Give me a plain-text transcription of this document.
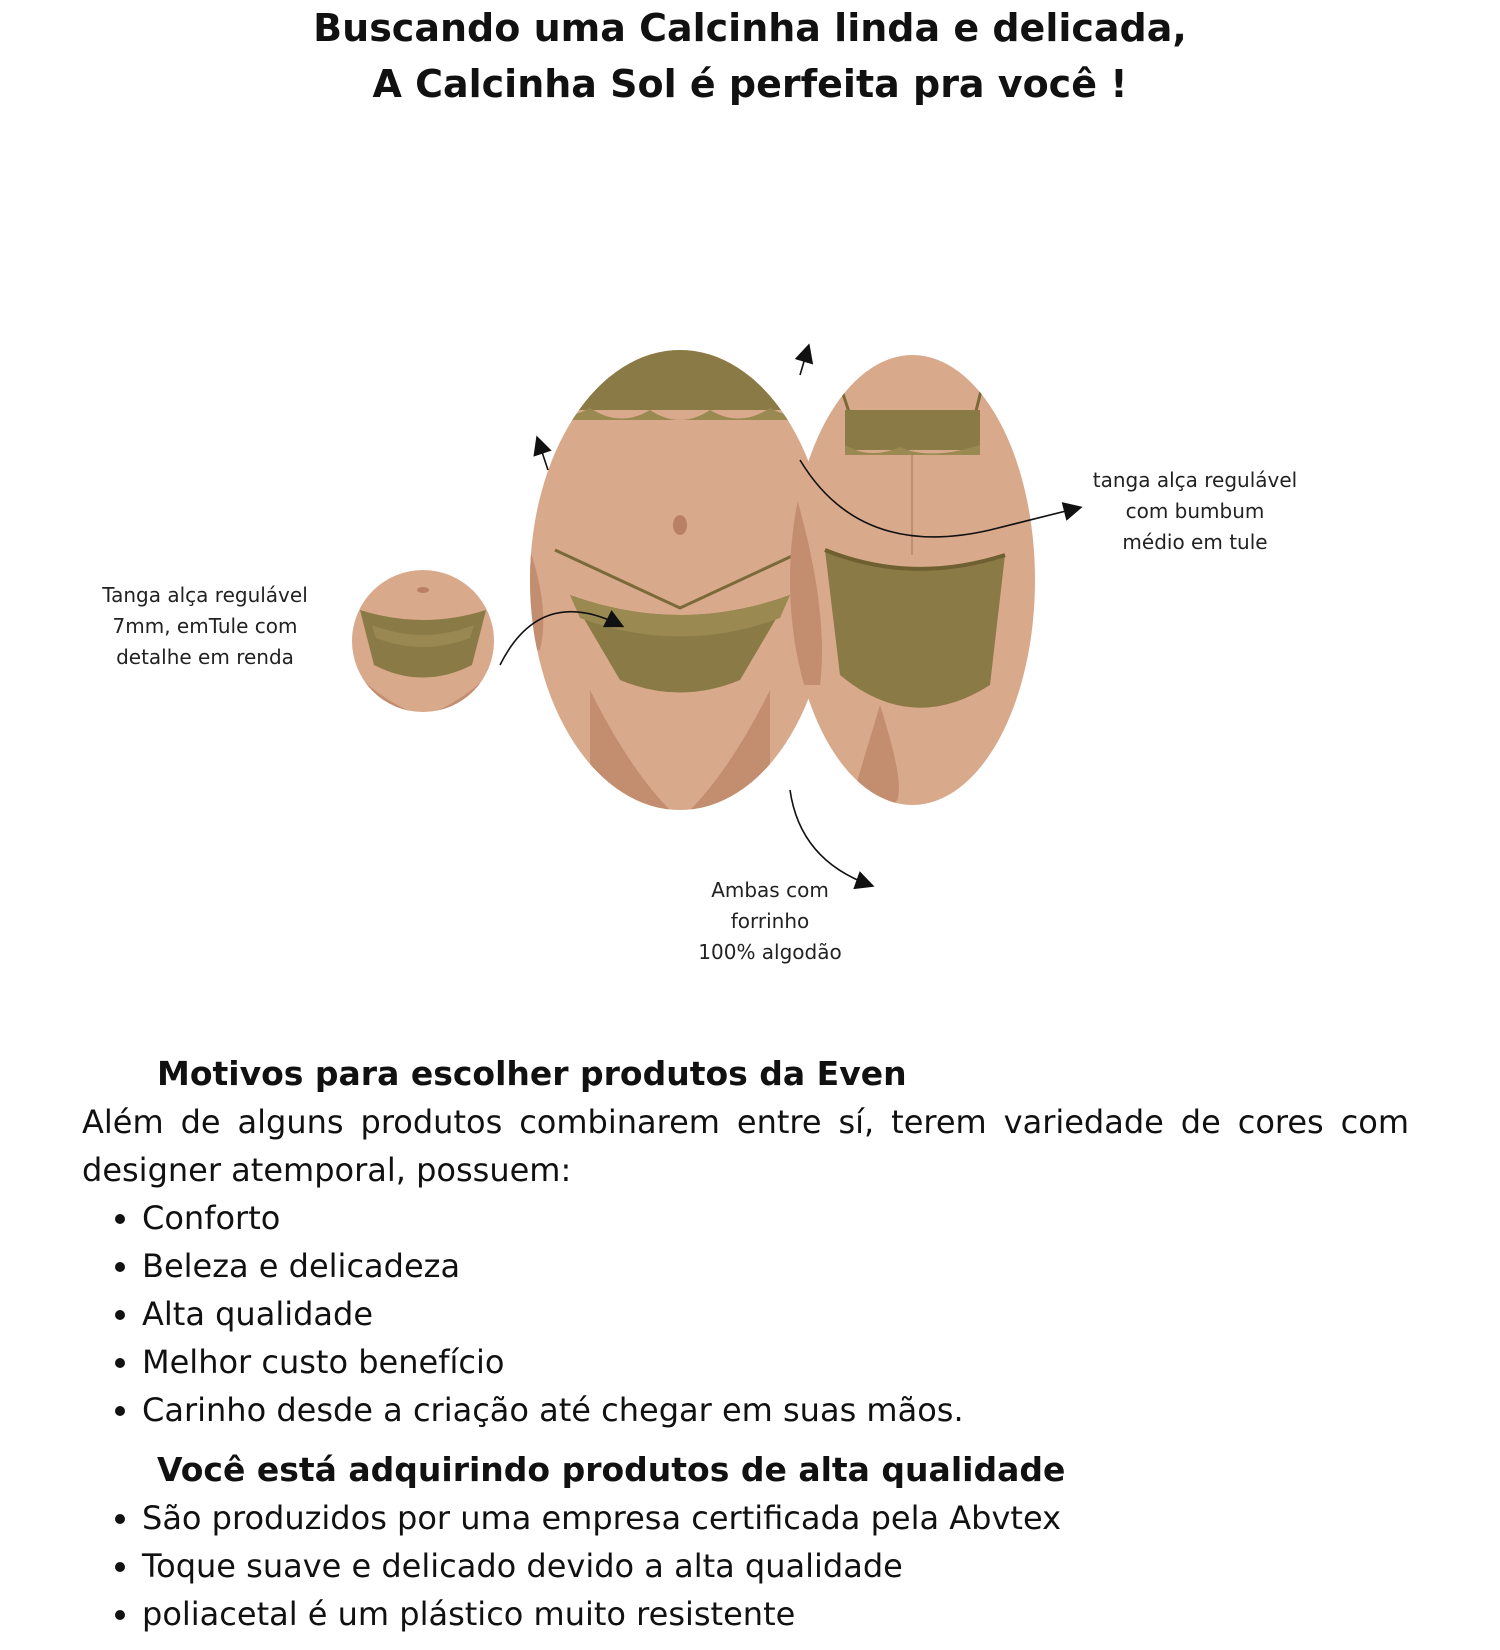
Buscando uma Calcinha linda e delicada,
A Calcinha Sol é perfeita pra você !

Tanga alça regulável
7mm, emTule com
detalhe em renda

tanga alça regulável
com bumbum
médio em tule

Ambas com
forrinho
100% algodão

Motivos para escolher produtos da Even

Além de alguns produtos combinarem entre sí, terem variedade de cores com designer atemporal, possuem:

• Conforto
• Beleza e delicadeza
• Alta qualidade
• Melhor custo benefício
• Carinho desde a criação até chegar em suas mãos.
Você está adquirindo produtos de alta qualidade
• São produzidos por uma empresa certificada pela Abvtex
• Toque suave e delicado devido a alta qualidade
• poliacetal é um plástico muito resistente
